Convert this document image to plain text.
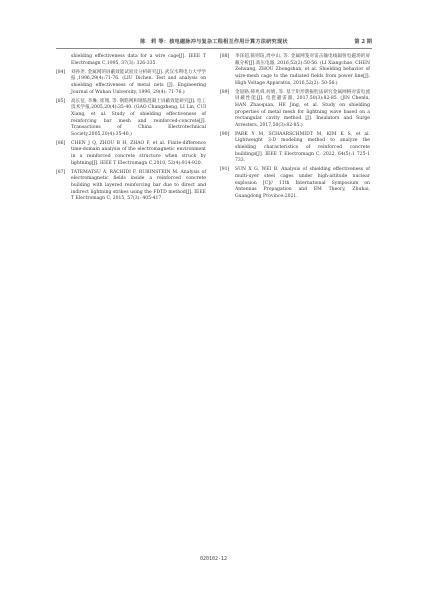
陈　莉 等：核电磁脉冲与复杂工程相互作用计算方法研究现状	第 2 期
shielding effectiveness data for a wire cage[J]. IEEE T Electromagn C,1995, 37(3): 326-335.
[84] 刘孙尧. 金属网的屏蔽效能试验及分析研究[J]. 武汉水利电力大学学报,1996,29(4):71-76. (LIU Dichen. Test and analysis on shielding effectiveness of metal nets [J]. Engineering Journal of Wuhan University, 1996, 29(4): 71-76.)
[85] 高长征, 李琳, 崔翔, 等. 钢筋网和钢筋混凝土屏蔽效能研究[J]. 电工技术学报,2005,20(4):35-40. (GAO Changzheng, LI Lin, CUI Xiang, et al. Study of shielding effectiveness of reinforcing bar mesh and reinforced-concrete[J]. Transactions of China Electrotechnical Society,2005,20(4):35-40.)
[86] CHEN J Q, ZHOU B H, ZHAO F, et al. Finite-difference time-domain analysis of the electromagnetic environment in a reinforced concrete structure when struck by lightning[J]. IEEE T Electromagn C,2010, 52(4):914-920.
[87] TATEMATSU A, RACHIDI F, RUBINSTEIN M. Analysis of electromagnetic fields inside a reinforced concrete building with layered reinforcing bar due to direct and indirect lightning strikes using the FDTD method[J]. IEEE T Electromagn C, 2015, 57(3): 405-417.
[88] 李泽超,陈则瑄,周中山, 等. 金属网笼对雷击输电线辐射电磁场的屏蔽分析[J].高压电器, 2016,52(2):50-56. (LI Xiangchao, CHEN Zehuang, ZHOU Zhongshan, et al. Shielding behavior of wire-mesh cage to the radiated fields from power line[J]. High Voltage Apparatus, 2016,52(2): 50-56.)
[89] 金晨路,韩兆舜,何婧, 等. 基于矩形谐振腔法研究金属网格对雷电流屏蔽性能[J]. 电瓷避雷器, 2017,50(3):82-85. (JIN Chenlu, HAN Zhaoquan, HE Jing, et al. Study on shielding properties of metal mesh for lightning wave based on a rectangular cavity method [J]. Insulators and Surge Arresters, 2017,50(3):82-85.)
[90] PARK Y M, SCHAARSCHMIDT M, KIM K S, et al. Lightweight 3-D modeling method to analyze the shielding characteristics of reinforced concrete buildings[J]. IEEE T Electromagn C, 2022, 64(5):1 725-1 733.
[91] SUN X G, WEI B. Analysis of shielding effectiveness of multi-uyer steel cages under high-altitude nuclear explosion [C]// 11th International Symposium on Antennas Propagation and EM Theory, Zhuhai, Guangdong Province:2021.
020102-12
